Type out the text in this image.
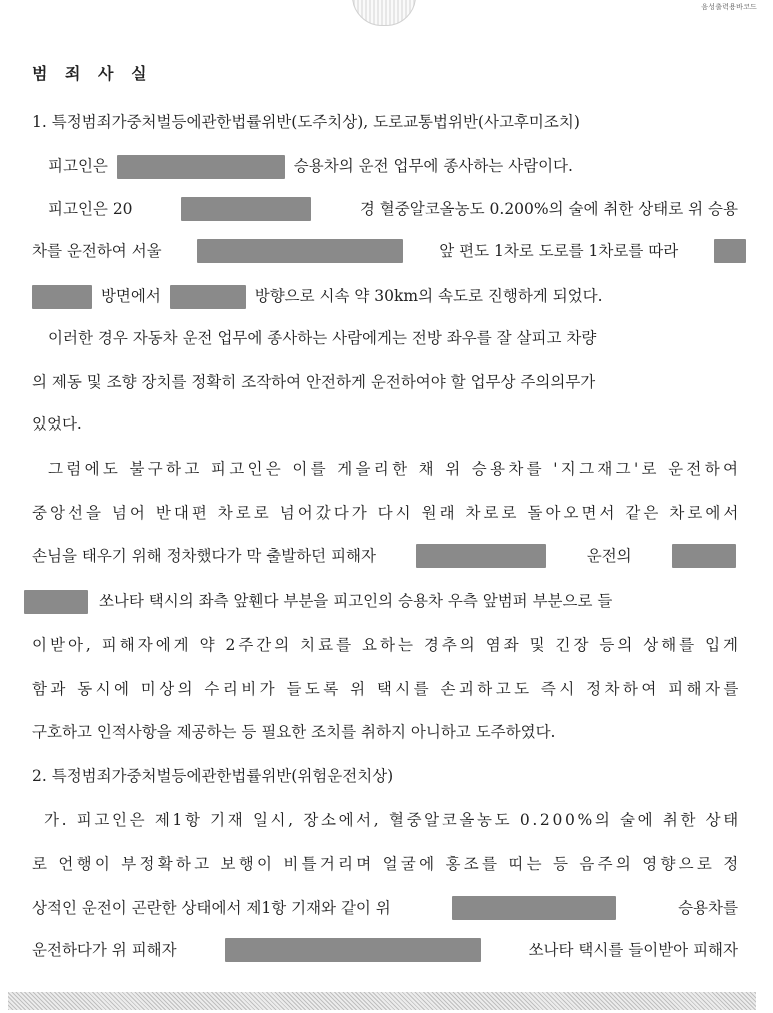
음성출력용바코드
범 죄 사 실
1. 특정범죄가중처벌등에관한법률위반(도주치상), 도로교통법위반(사고후미조치)
피고인은	승용차의 운전 업무에 종사하는 사람이다.
피고인은 20	경 혈중알코올농도 0.200%의 술에 취한 상태로 위 승용
차를 운전하여 서울	앞 편도 1차로 도로를 1차로를 따라
방면에서	방향으로 시속 약 30km의 속도로 진행하게 되었다.
이러한 경우 자동차 운전 업무에 종사하는 사람에게는 전방 좌우를 잘 살피고 차량
의 제동 및 조향 장치를 정확히 조작하여 안전하게 운전하여야 할 업무상 주의의무가
있었다.
그럼에도 불구하고 피고인은 이를 게을리한 채 위 승용차를 '지그재그'로 운전하여
중앙선을 넘어 반대편 차로로 넘어갔다가 다시 원래 차로로 돌아오면서 같은 차로에서
손님을 태우기 위해 정차했다가 막 출발하던 피해자	운전의
쏘나타 택시의 좌측 앞휀다 부분을 피고인의 승용차 우측 앞범퍼 부분으로 들
이받아, 피해자에게 약 2주간의 치료를 요하는 경추의 염좌 및 긴장 등의 상해를 입게
함과 동시에 미상의 수리비가 들도록 위 택시를 손괴하고도 즉시 정차하여 피해자를
구호하고 인적사항을 제공하는 등 필요한 조치를 취하지 아니하고 도주하였다.
2. 특정범죄가중처벌등에관한법률위반(위험운전치상)
가. 피고인은 제1항 기재 일시, 장소에서, 혈중알코올농도 0.200%의 술에 취한 상태
로 언행이 부정확하고 보행이 비틀거리며 얼굴에 홍조를 띠는 등 음주의 영향으로 정
상적인 운전이 곤란한 상태에서 제1항 기재와 같이 위	승용차를
운전하다가 위 피해자	쏘나타 택시를 들이받아 피해자
